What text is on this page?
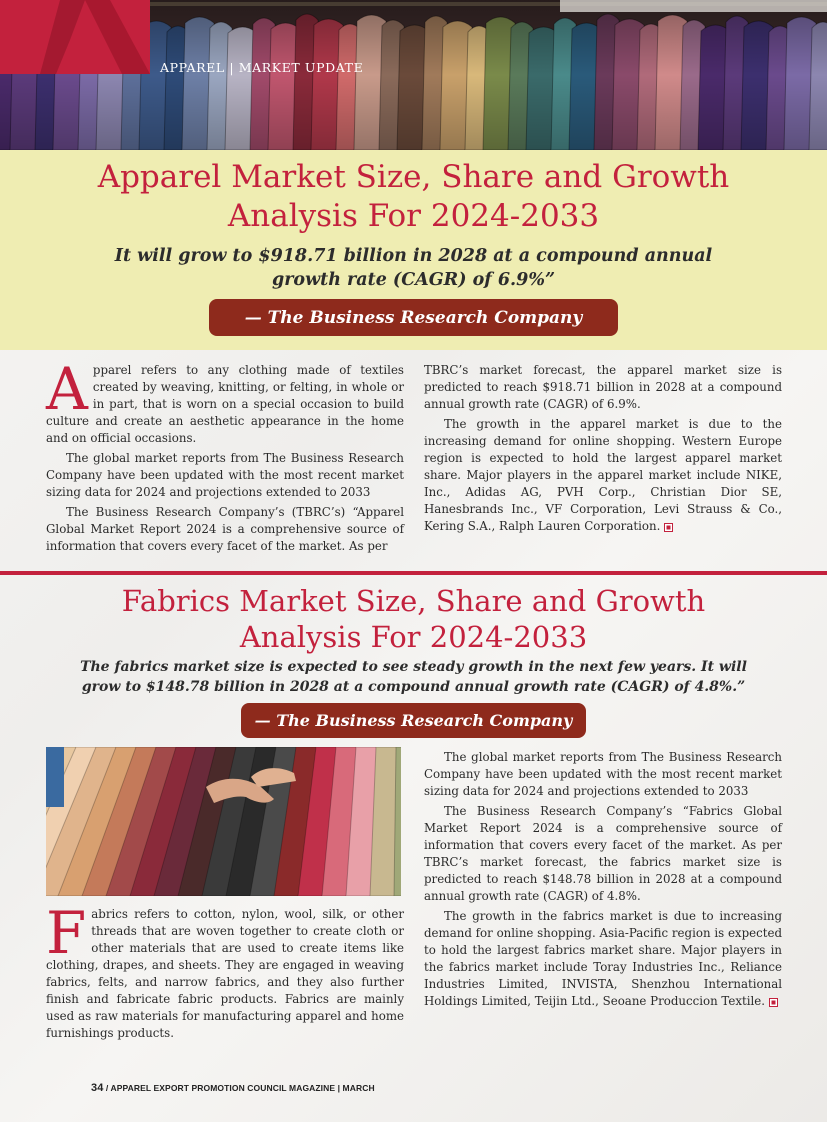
APPAREL | MARKET UPDATE
Apparel Market Size, Share and Growth
Analysis For 2024-2033

It will grow to $918.71 billion in 2028 at a compound annual
growth rate (CAGR) of 6.9%”

— The Business Research Company

Apparel refers to any clothing made of textiles created by weaving, knitting, or felting, in whole or in part, that is worn on a special occasion to build culture and create an aesthetic appearance in the home and on official occasions.

The global market reports from The Business Research Company have been updated with the most recent market sizing data for 2024 and projections extended to 2033

The Business Research Company’s (TBRC’s) “Apparel Global Market Report 2024 is a comprehensive source of information that covers every facet of the market. As per

TBRC’s market forecast, the apparel market size is predicted to reach $918.71 billion in 2028 at a compound annual growth rate (CAGR) of 6.9%.

The growth in the apparel market is due to the increasing demand for online shopping. Western Europe region is expected to hold the largest apparel market share. Major players in the apparel market include NIKE, Inc., Adidas AG, PVH Corp., Christian Dior SE, Hanesbrands Inc., VF Corporation, Levi Strauss & Co., Kering S.A., Ralph Lauren Corporation.

Fabrics Market Size, Share and Growth
Analysis For 2024-2033

The fabrics market size is expected to see steady growth in the next few years. It will
grow to $148.78 billion in 2028 at a compound annual growth rate (CAGR) of 4.8%.”

— The Business Research Company

Fabrics refers to cotton, nylon, wool, silk, or other threads that are woven together to create cloth or other materials that are used to create items like clothing, drapes, and sheets. They are engaged in weaving fabrics, felts, and narrow fabrics, and they also further finish and fabricate fabric products. Fabrics are mainly used as raw materials for manufacturing apparel and home furnishings products.

The global market reports from The Business Research Company have been updated with the most recent market sizing data for 2024 and projections extended to 2033

The Business Research Company’s “Fabrics Global Market Report 2024 is a comprehensive source of information that covers every facet of the market. As per TBRC’s market forecast, the fabrics market size is predicted to reach $148.78 billion in 2028 at a compound annual growth rate (CAGR) of 4.8%.

The growth in the fabrics market is due to increasing demand for online shopping. Asia-Pacific region is expected to hold the largest fabrics market share. Major players in the fabrics market include Toray Industries Inc., Reliance Industries Limited, INVISTA, Shenzhou International Holdings Limited, Teijin Ltd., Seoane Produccion Textile.

34 / APPAREL EXPORT PROMOTION COUNCIL MAGAZINE | MARCH
